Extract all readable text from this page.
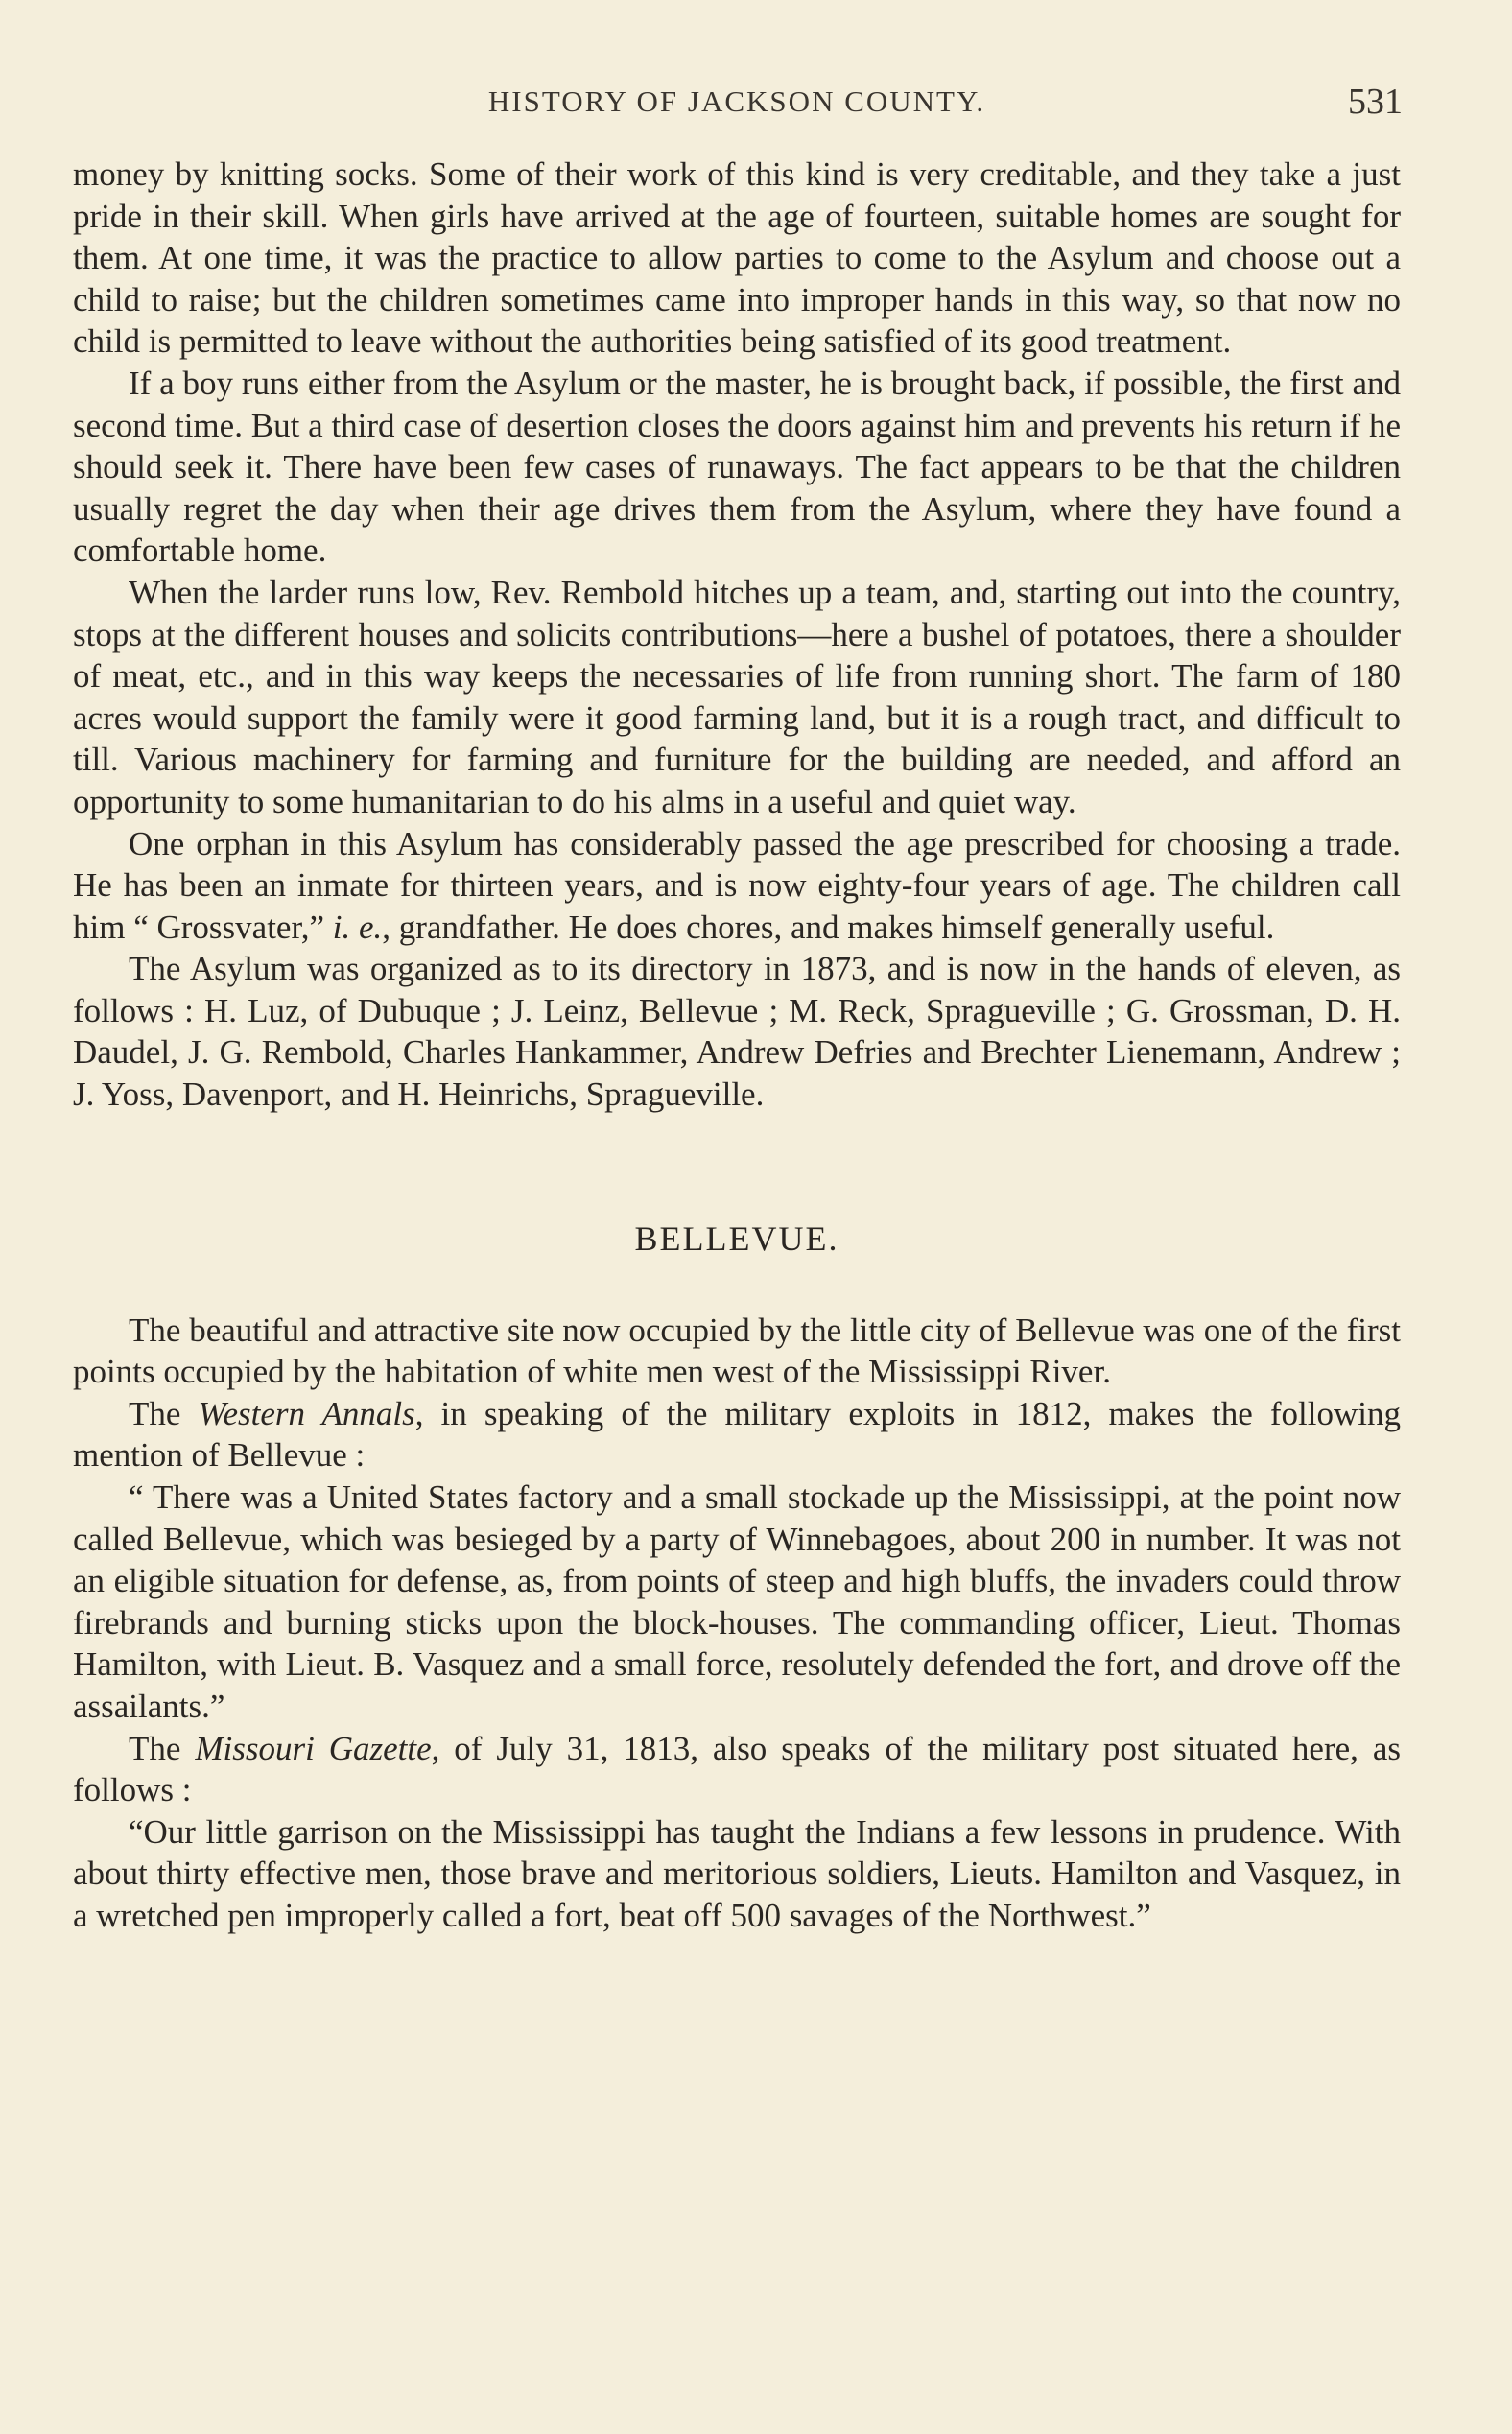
HISTORY OF JACKSON COUNTY.	531

money by knitting socks. Some of their work of this kind is very creditable, and they take a just pride in their skill. When girls have arrived at the age of fourteen, suitable homes are sought for them. At one time, it was the practice to allow parties to come to the Asylum and choose out a child to raise; but the children sometimes came into improper hands in this way, so that now no child is permitted to leave without the authorities being satisfied of its good treatment.

If a boy runs either from the Asylum or the master, he is brought back, if possible, the first and second time. But a third case of desertion closes the doors against him and prevents his return if he should seek it. There have been few cases of runaways. The fact appears to be that the children usually regret the day when their age drives them from the Asylum, where they have found a comfortable home.

When the larder runs low, Rev. Rembold hitches up a team, and, starting out into the country, stops at the different houses and solicits contributions—here a bushel of potatoes, there a shoulder of meat, etc., and in this way keeps the necessaries of life from running short. The farm of 180 acres would support the family were it good farming land, but it is a rough tract, and difficult to till. Various machinery for farming and furniture for the building are needed, and afford an opportunity to some humanitarian to do his alms in a useful and quiet way.

One orphan in this Asylum has considerably passed the age prescribed for choosing a trade. He has been an inmate for thirteen years, and is now eighty-four years of age. The children call him “ Grossvater,” i. e., grandfather. He does chores, and makes himself generally useful.

The Asylum was organized as to its directory in 1873, and is now in the hands of eleven, as follows : H. Luz, of Dubuque ; J. Leinz, Bellevue ; M. Reck, Spragueville ; G. Grossman, D. H. Daudel, J. G. Rembold, Charles Hankammer, Andrew Defries and Brechter Lienemann, Andrew ; J. Yoss, Davenport, and H. Heinrichs, Spragueville.

BELLEVUE.

The beautiful and attractive site now occupied by the little city of Bellevue was one of the first points occupied by the habitation of white men west of the Mississippi River.

The Western Annals, in speaking of the military exploits in 1812, makes the following mention of Bellevue :

“ There was a United States factory and a small stockade up the Mississippi, at the point now called Bellevue, which was besieged by a party of Winnebagoes, about 200 in number. It was not an eligible situation for defense, as, from points of steep and high bluffs, the invaders could throw firebrands and burning sticks upon the block-houses. The commanding officer, Lieut. Thomas Hamilton, with Lieut. B. Vasquez and a small force, resolutely defended the fort, and drove off the assailants.”

The Missouri Gazette, of July 31, 1813, also speaks of the military post situated here, as follows :

“Our little garrison on the Mississippi has taught the Indians a few lessons in prudence. With about thirty effective men, those brave and meritorious soldiers, Lieuts. Hamilton and Vasquez, in a wretched pen improperly called a fort, beat off 500 savages of the Northwest.”
